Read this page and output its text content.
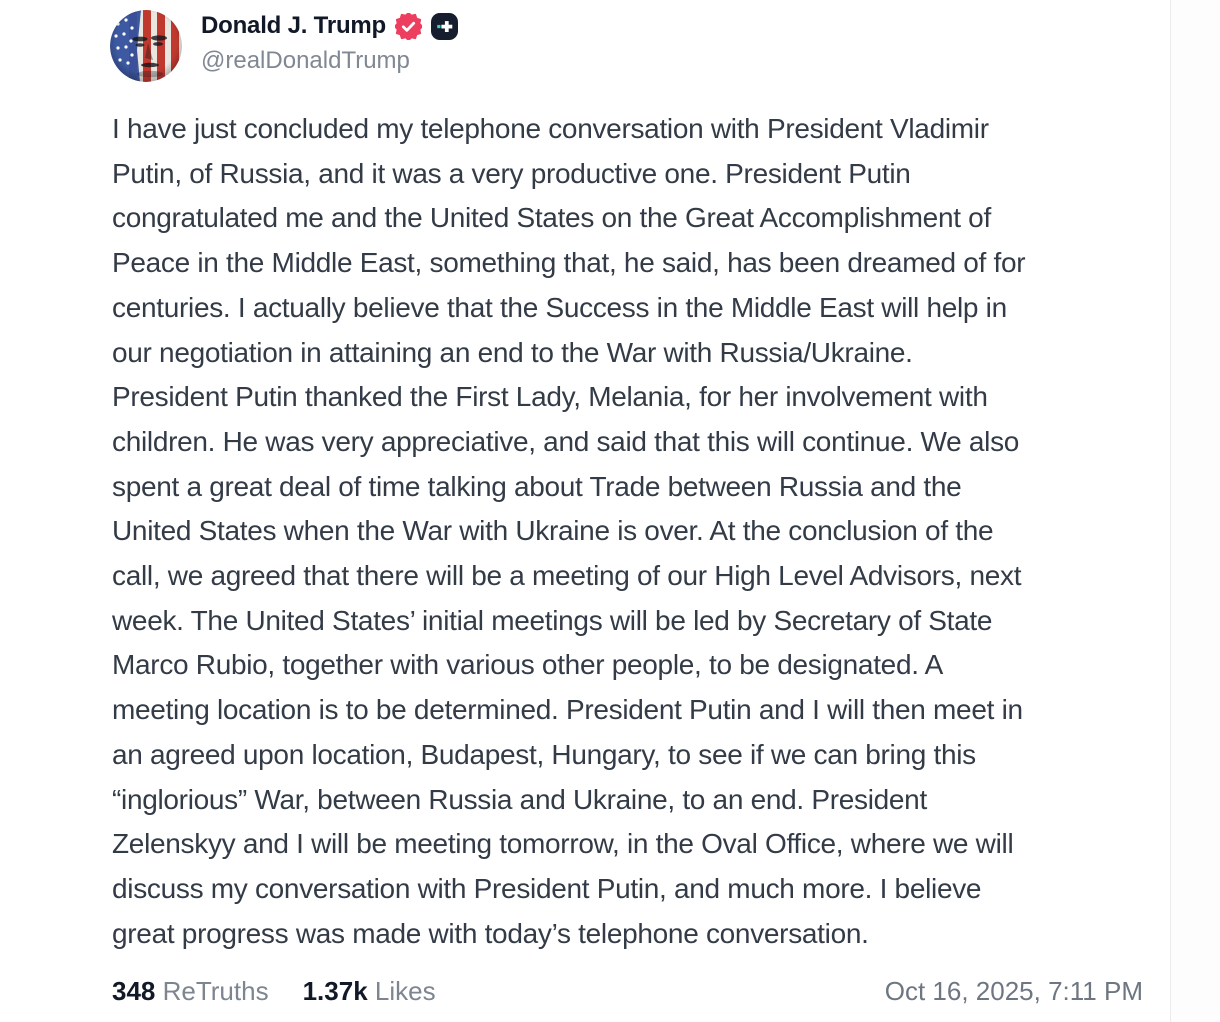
Donald J. Trump
@realDonaldTrump
I have just concluded my telephone conversation with President Vladimir
Putin, of Russia, and it was a very productive one. President Putin
congratulated me and the United States on the Great Accomplishment of
Peace in the Middle East, something that, he said, has been dreamed of for
centuries. I actually believe that the Success in the Middle East will help in
our negotiation in attaining an end to the War with Russia/Ukraine.
President Putin thanked the First Lady, Melania, for her involvement with
children. He was very appreciative, and said that this will continue. We also
spent a great deal of time talking about Trade between Russia and the
United States when the War with Ukraine is over. At the conclusion of the
call, we agreed that there will be a meeting of our High Level Advisors, next
week. The United States’ initial meetings will be led by Secretary of State
Marco Rubio, together with various other people, to be designated. A
meeting location is to be determined. President Putin and I will then meet in
an agreed upon location, Budapest, Hungary, to see if we can bring this
“inglorious” War, between Russia and Ukraine, to an end. President
Zelenskyy and I will be meeting tomorrow, in the Oval Office, where we will
discuss my conversation with President Putin, and much more. I believe
great progress was made with today’s telephone conversation.
348 ReTruths 1.37k Likes	Oct 16, 2025, 7:11 PM
